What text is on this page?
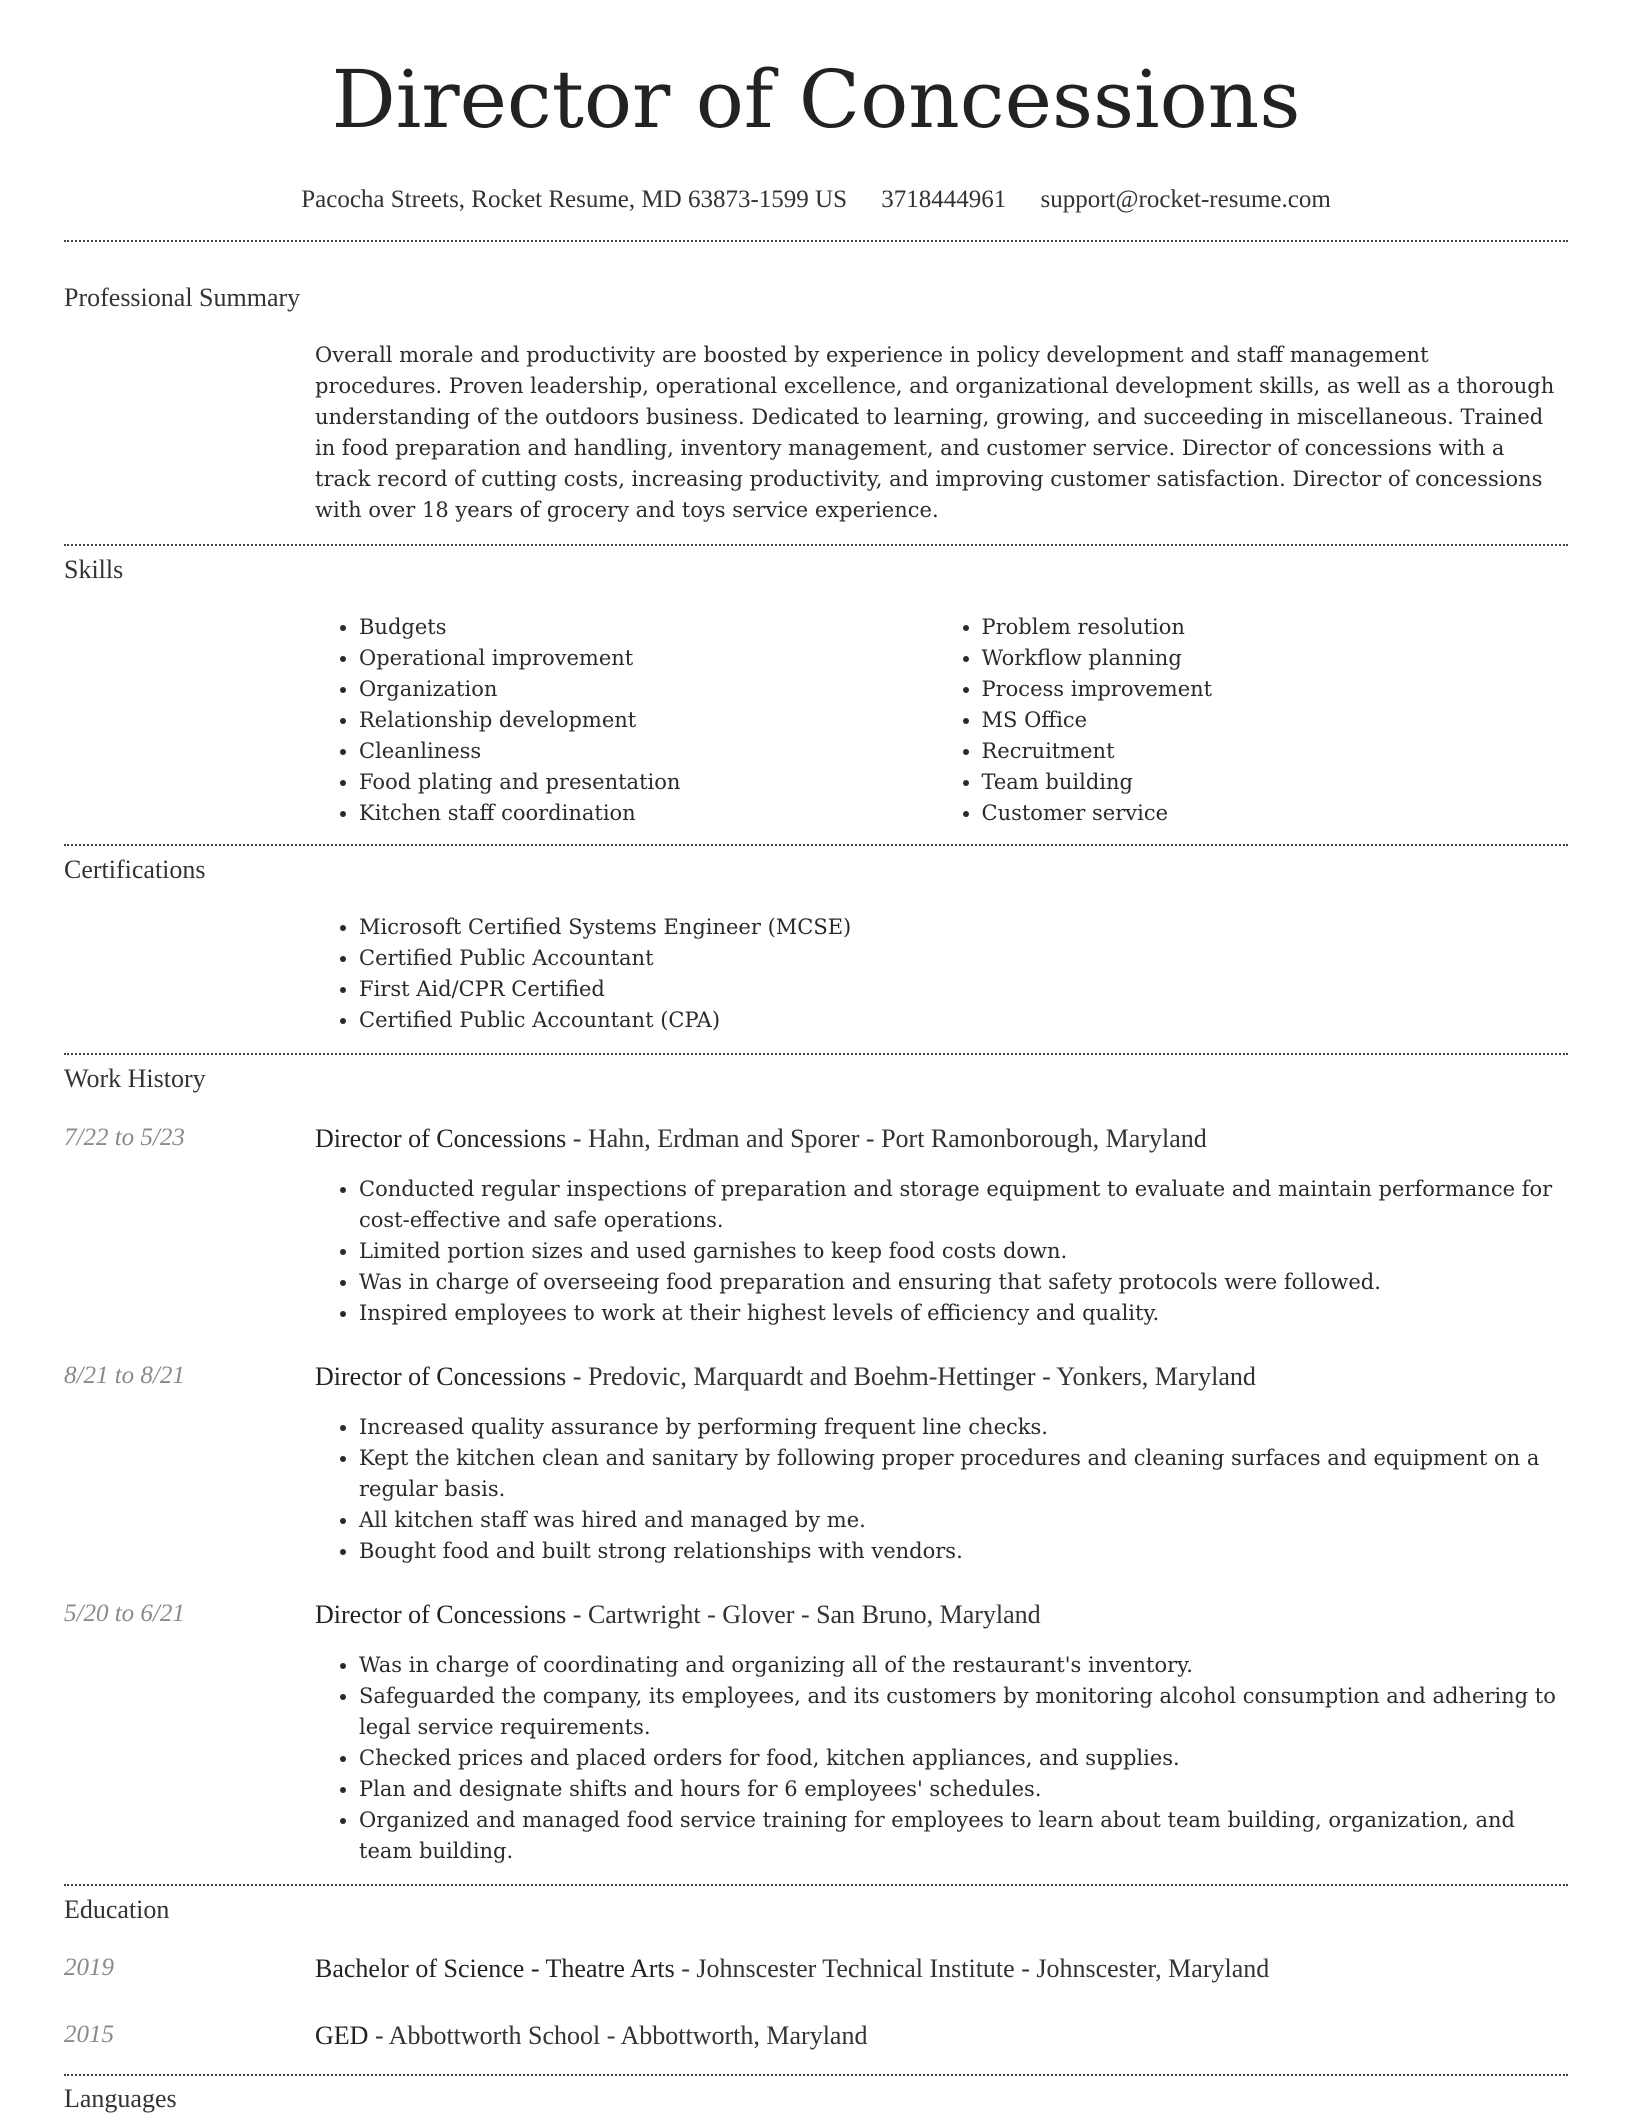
Director of Concessions
Pacocha Streets, Rocket Resume, MD 63873-1599 US 3718444961 support@rocket-resume.com
Professional Summary
Overall morale and productivity are boosted by experience in policy development and staff management procedures. Proven leadership, operational excellence, and organizational development skills, as well as a thorough understanding of the outdoors business. Dedicated to learning, growing, and succeeding in miscellaneous. Trained in food preparation and handling, inventory management, and customer service. Director of concessions with a track record of cutting costs, increasing productivity, and improving customer satisfaction. Director of concessions with over 18 years of grocery and toys service experience.
Skills
• Budgets
• Operational improvement
• Organization
• Relationship development
• Cleanliness
• Food plating and presentation
• Kitchen staff coordination
• Problem resolution
• Workflow planning
• Process improvement
• MS Office
• Recruitment
• Team building
• Customer service
Certifications
• Microsoft Certified Systems Engineer (MCSE)
• Certified Public Accountant
• First Aid/CPR Certified
• Certified Public Accountant (CPA)
Work History
7/22 to 5/23	Director of Concessions - Hahn, Erdman and Sporer - Port Ramonborough, Maryland
• Conducted regular inspections of preparation and storage equipment to evaluate and maintain performance for cost-effective and safe operations.
• Limited portion sizes and used garnishes to keep food costs down.
• Was in charge of overseeing food preparation and ensuring that safety protocols were followed.
• Inspired employees to work at their highest levels of efficiency and quality.
8/21 to 8/21	Director of Concessions - Predovic, Marquardt and Boehm-Hettinger - Yonkers, Maryland
• Increased quality assurance by performing frequent line checks.
• Kept the kitchen clean and sanitary by following proper procedures and cleaning surfaces and equipment on a regular basis.
• All kitchen staff was hired and managed by me.
• Bought food and built strong relationships with vendors.
5/20 to 6/21	Director of Concessions - Cartwright - Glover - San Bruno, Maryland
• Was in charge of coordinating and organizing all of the restaurant's inventory.
• Safeguarded the company, its employees, and its customers by monitoring alcohol consumption and adhering to legal service requirements.
• Checked prices and placed orders for food, kitchen appliances, and supplies.
• Plan and designate shifts and hours for 6 employees' schedules.
• Organized and managed food service training for employees to learn about team building, organization, and team building.
Education
2019	Bachelor of Science - Theatre Arts - Johnscester Technical Institute - Johnscester, Maryland
2015	GED - Abbottworth School - Abbottworth, Maryland
Languages
